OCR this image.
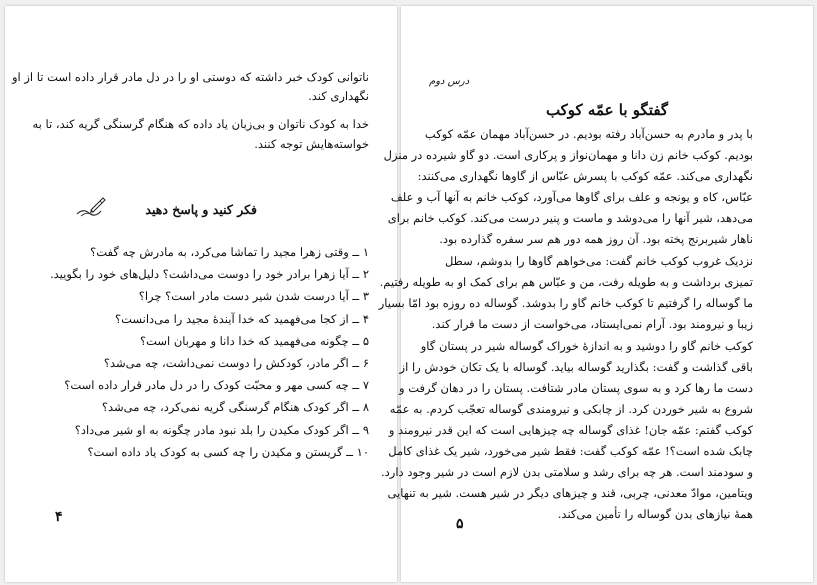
ناتوانی کودک خبر داشته که دوستی او را در دل مادر قرار داده است تا از او
نگهداری کند.
خدا به کودک ناتوان و بی‌زبان یاد داده که هنگام گرسنگی گریه کند، تا به
خواسته‌هایش توجه کنند.
فکر کنید و پاسخ دهید
۱ ــ وقتی زهرا مجید را تماشا می‌کرد، به مادرش چه گفت؟
۲ ــ آیا زهرا برادر خود را دوست می‌داشت؟ دلیل‌های خود را بگویید.
۳ ــ آیا درست شدن شیر دست مادر است؟ چرا؟
۴ ــ از کجا می‌فهمید که خدا آیندۀ مجید را می‌دانست؟
۵ ــ چگونه می‌فهمید که خدا دانا و مهربان است؟
۶ ــ اگر مادر، کودکش را دوست نمی‌داشت، چه می‌شد؟
۷ ــ چه کسی مهر و محبّت کودک را در دل مادر قرار داده است؟
۸ ــ اگر کودک هنگام گرسنگی گریه نمی‌کرد، چه می‌شد؟
۹ ــ اگر کودک مکیدن را بلد نبود مادر چگونه به او شیر می‌داد؟
۱۰ ــ گریستن و مکیدن را چه کسی به کودک یاد داده است؟
۴
درس دوم
گفتگو با عمّه کوکب
با پدر و مادرم به حسن‌آباد رفته بودیم. در حسن‌آباد مهمان عمّه کوکب
بودیم. کوکب خانم زن دانا و مهمان‌نواز و پرکاری است. دو گاو شیرده در منزل
نگهداری می‌کند. عمّه کوکب با پسرش عبّاس از گاوها نگهداری می‌کنند:
عبّاس، کاه و یونجه و علف برای گاوها می‌آورد، کوکب خانم به آنها آب و علف
می‌دهد، شیر آنها را می‌دوشد و ماست و پنیر درست می‌کند. کوکب خانم برای
ناهار شیربرنج پخته بود. آن روز همه دور هم سر سفره گذارده بود.
نزدیک غروب کوکب خانم گفت: می‌خواهم گاوها را بدوشم، سطل
تمیزی برداشت و به طویله رفت، من و عبّاس هم برای کمک او به طویله رفتیم.
ما گوساله را گرفتیم تا کوکب خانم گاو را بدوشد. گوساله ده روزه بود امّا بسیار
زیبا و نیرومند بود. آرام نمی‌ایستاد، می‌خواست از دست ما فرار کند.
کوکب خانم گاو را دوشید و به اندازۀ خوراک گوساله شیر در پستان گاو
باقی گذاشت و گفت: بگذارید گوساله بیاید. گوساله با یک تکان خودش را از
دست ما رها کرد و به سوی پستان مادر شتافت. پستان را در دهان گرفت و
شروع به شیر خوردن کرد. از چابکی و نیرومندی گوساله تعجّب کردم. به عمّه
کوکب گفتم: عمّه جان! غذای گوساله چه چیزهایی است که این قدر نیرومند و
چابک شده است؟! عمّه کوکب گفت: فقط شیر می‌خورد، شیر یک غذای کامل
و سودمند است. هر چه برای رشد و سلامتی بدن لازم است در شیر وجود دارد.
ویتامین، موادّ معدنی، چربی، قند و چیزهای دیگر در شیر هست. شیر به تنهایی
همۀ نیازهای بدن گوساله را تأمین می‌کند.
۵
